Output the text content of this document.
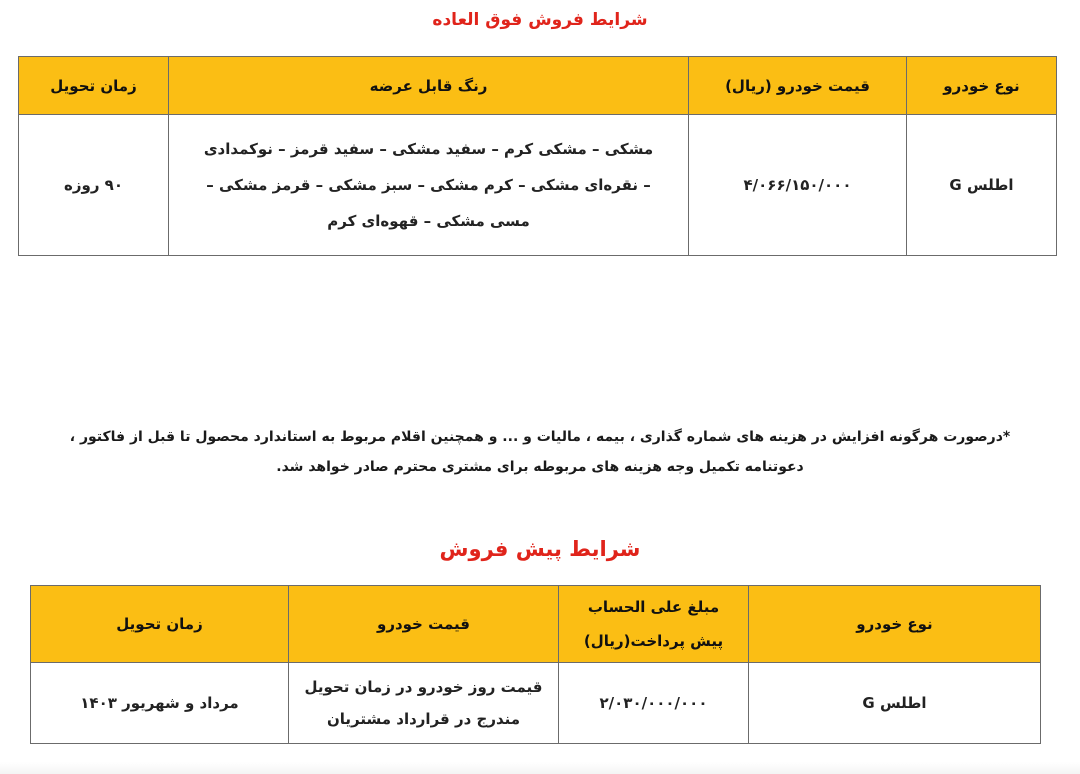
شرایط فروش فوق العاده
نوع خودرو	قیمت خودرو (ریال)	رنگ قابل عرضه	زمان تحویل
اطلس G	۴/۰۶۶/۱۵۰/۰۰۰	مشکی – مشکی کرم – سفید مشکی – سفید قرمز – نوکمدادی
– نقره‌ای مشکی – کرم مشکی – سبز مشکی – قرمز مشکی –
مسی مشکی – قهوه‌ای کرم	۹۰ روزه
*درصورت هرگونه افزایش در هزینه های شماره گذاری ، بیمه ، مالیات و ... و همچنین اقلام مربوط به استاندارد محصول تا قبل از فاکتور ،
دعوتنامه تکمیل وجه هزینه های مربوطه برای مشتری محترم صادر خواهد شد.
شرایط پیش فروش
نوع خودرو	مبلغ علی الحساب
پیش پرداخت(ریال)	قیمت خودرو	زمان تحویل
اطلس G	۲/۰۳۰/۰۰۰/۰۰۰	قیمت روز خودرو در زمان تحویل
مندرج در قرارداد مشتریان	مرداد و شهریور ۱۴۰۳
